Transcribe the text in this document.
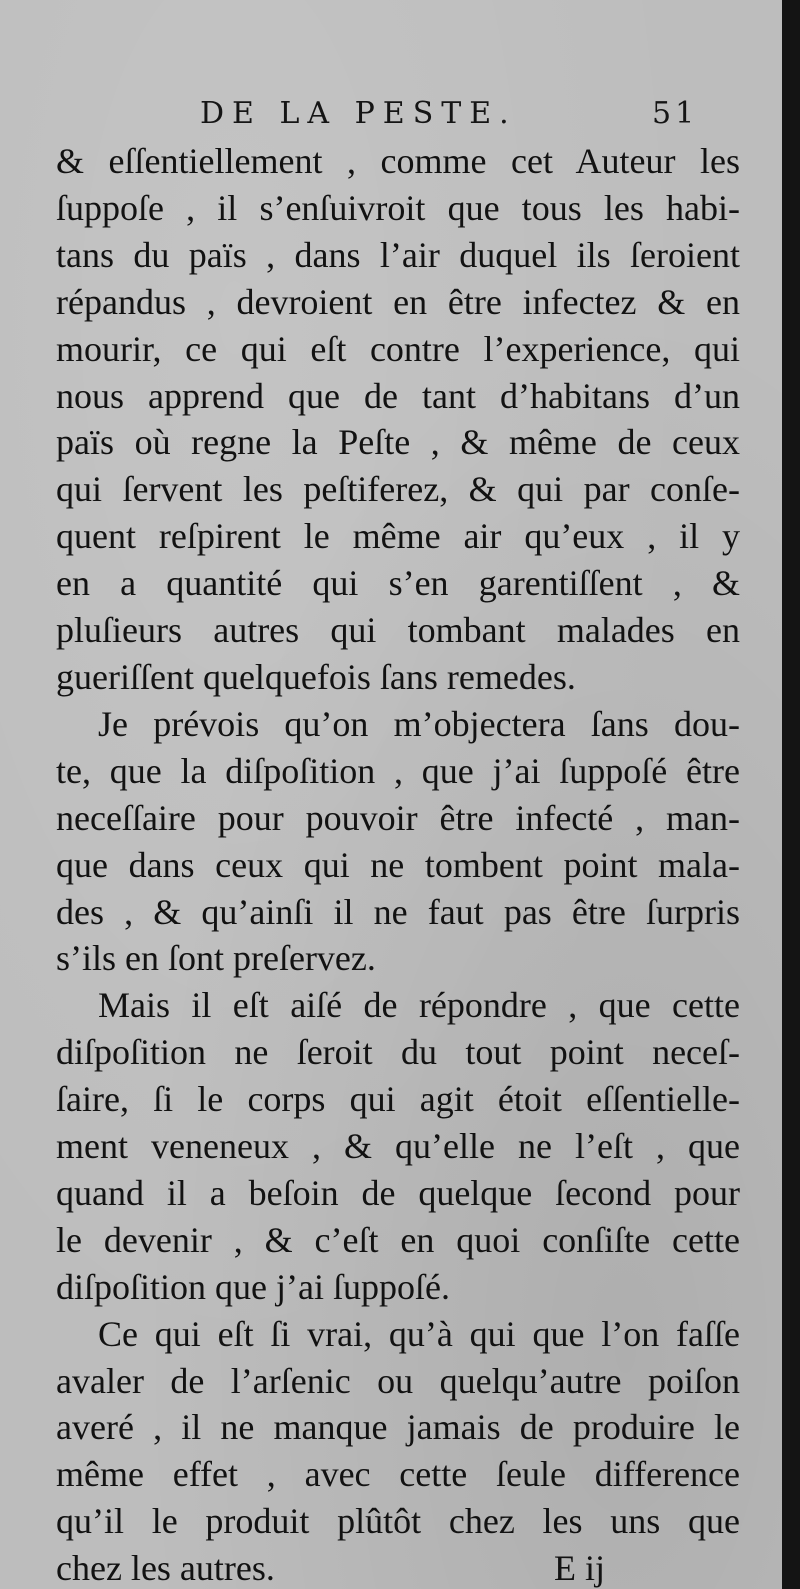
DE LA PESTE.	51
& eſſentiellement , comme cet Auteur les
ſuppoſe , il s’enſuivroit que tous les habi-
tans du païs , dans l’air duquel ils ſeroient
répandus , devroient en être infectez & en
mourir, ce qui eſt contre l’experience, qui
nous apprend que de tant d’habitans d’un
païs où regne la Peſte , & même de ceux
qui ſervent les peſtiferez, & qui par conſe-
quent reſpirent le même air qu’eux , il y
en a quantité qui s’en garentiſſent , &
pluſieurs autres qui tombant malades en
gueriſſent quelquefois ſans remedes.
Je prévois qu’on m’objectera ſans dou-
te, que la diſpoſition , que j’ai ſuppoſé être
neceſſaire pour pouvoir être infecté , man-
que dans ceux qui ne tombent point mala-
des , & qu’ainſi il ne faut pas être ſurpris
s’ils en ſont preſervez.
Mais il eſt aiſé de répondre , que cette
diſpoſition ne ſeroit du tout point neceſ-
ſaire, ſi le corps qui agit étoit eſſentielle-
ment veneneux , & qu’elle ne l’eſt , que
quand il a beſoin de quelque ſecond pour
le devenir , & c’eſt en quoi conſiſte cette
diſpoſition que j’ai ſuppoſé.
Ce qui eſt ſi vrai, qu’à qui que l’on faſſe
avaler de l’arſenic ou quelqu’autre poiſon
averé , il ne manque jamais de produire le
même effet , avec cette ſeule difference
qu’il le produit plûtôt chez les uns que
chez les autres.	E ij
